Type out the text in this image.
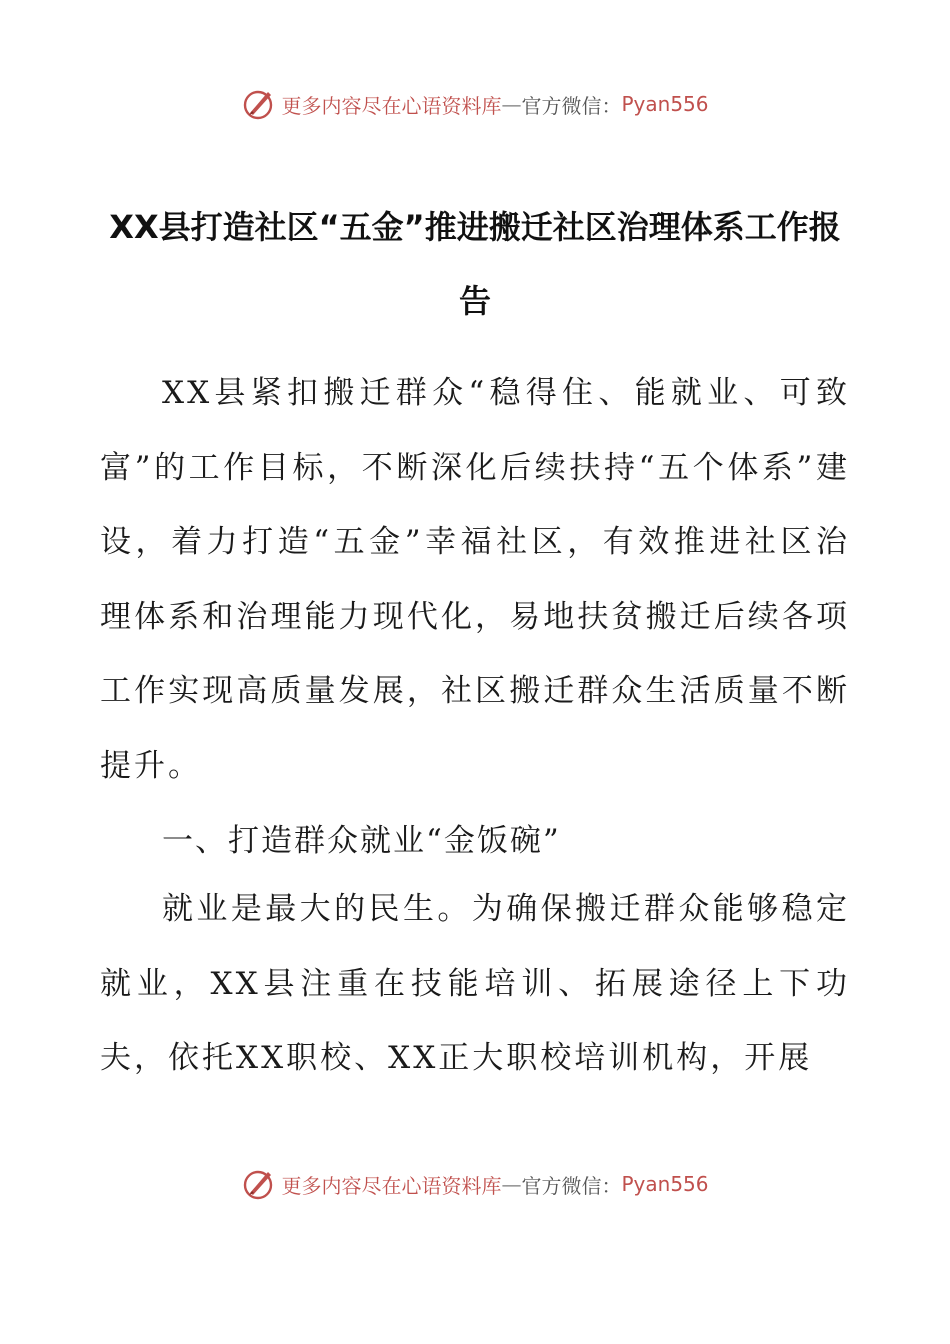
更多内容尽在心语资料库 — 官方微信： Pyan556
XX县打造社区“五金”推进搬迁社区治理体系工作报告

XX县紧扣搬迁群众“稳得住、能就业、可致富”的工作目标，不断深化后续扶持“五个体系”建设，着力打造“五金”幸福社区，有效推进社区治理体系和治理能力现代化，易地扶贫搬迁后续各项工作实现高质量发展，社区搬迁群众生活质量不断提升。

一、打造群众就业“金饭碗”

就业是最大的民生。为确保搬迁群众能够稳定就业，XX县注重在技能培训、拓展途径上下功夫，依托XX职校、XX正大职校培训机构，开展

更多内容尽在心语资料库 — 官方微信： Pyan556
